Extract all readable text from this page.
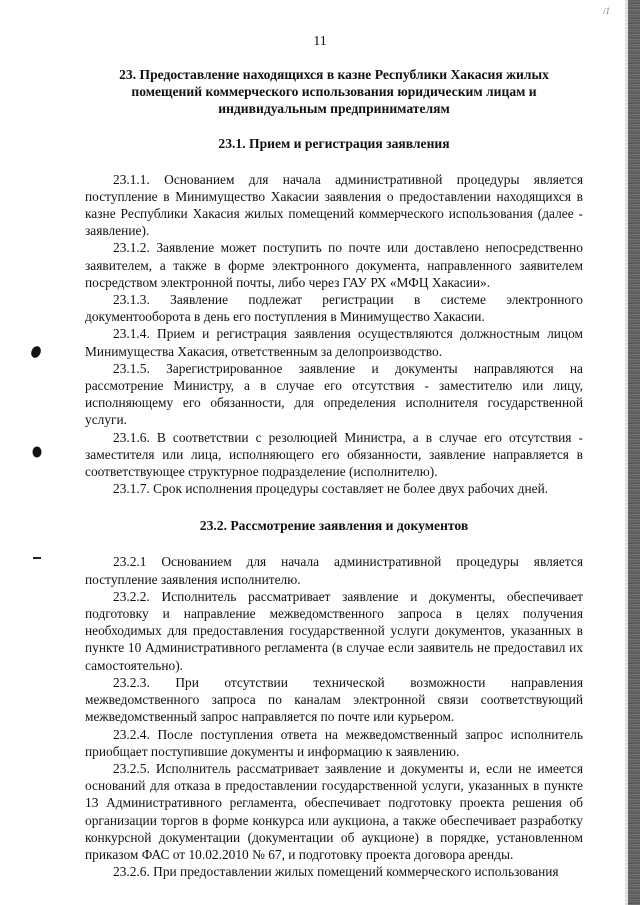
/1
11
23. Предоставление находящихся в казне Республики Хакасия жилых помещений коммерческого использования юридическим лицам и индивидуальным предпринимателям
23.1. Прием и регистрация заявления

23.1.1. Основанием для начала административной процедуры является поступление в Минимущество Хакасии заявления о предоставлении находящихся в казне Республики Хакасия жилых помещений коммерческого использования (далее - заявление).

23.1.2. Заявление может поступить по почте или доставлено непосредственно заявителем, а также в форме электронного документа, направленного заявителем посредством электронной почты, либо через ГАУ РХ «МФЦ Хакасии».

23.1.3. Заявление подлежат регистрации в системе электронного документооборота в день его поступления в Минимущество Хакасии.

23.1.4. Прием и регистрация заявления осуществляются должностным лицом Минимущества Хакасия, ответственным за делопроизводство.

23.1.5. Зарегистрированное заявление и документы направляются на рассмотрение Министру, а в случае его отсутствия - заместителю или лицу, исполняющему его обязанности, для определения исполнителя государственной услуги.

23.1.6. В соответствии с резолюцией Министра, а в случае его отсутствия - заместителя или лица, исполняющего его обязанности, заявление направляется в соответствующее структурное подразделение (исполнителю).

23.1.7. Срок исполнения процедуры составляет не более двух рабочих дней.

23.2. Рассмотрение заявления и документов

23.2.1 Основанием для начала административной процедуры является поступление заявления исполнителю.

23.2.2. Исполнитель рассматривает заявление и документы, обеспечивает подготовку и направление межведомственного запроса в целях получения необходимых для предоставления государственной услуги документов, указанных в пункте 10 Административного регламента (в случае если заявитель не предоставил их самостоятельно).

23.2.3. При отсутствии технической возможности направления межведомственного запроса по каналам электронной связи соответствующий межведомственный запрос направляется по почте или курьером.

23.2.4. После поступления ответа на межведомственный запрос исполнитель приобщает поступившие документы и информацию к заявлению.

23.2.5. Исполнитель рассматривает заявление и документы и, если не имеется оснований для отказа в предоставлении государственной услуги, указанных в пункте 13 Административного регламента, обеспечивает подготовку проекта решения об организации торгов в форме конкурса или аукциона, а также обеспечивает разработку конкурсной документации (документации об аукционе) в порядке, установленном приказом ФАС от 10.02.2010 № 67, и подготовку проекта договора аренды.

23.2.6. При предоставлении жилых помещений коммерческого использования
